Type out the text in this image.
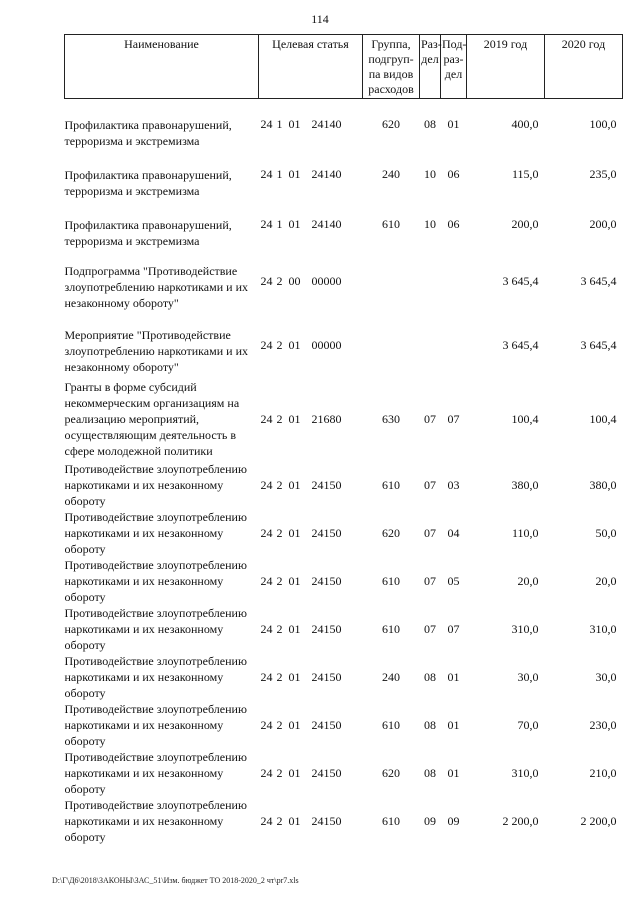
114
Наименование	Целевая статья	Группа, подгруп-па видов расходов	Раз-дел	Под-раз-дел	2019 год	2020 год
Профилактика правонарушений, терроризма и экстремизма	24 1 01 24140	620	08	01	400,0	100,0
Профилактика правонарушений, терроризма и экстремизма	24 1 01 24140	240	10	06	115,0	235,0
Профилактика правонарушений, терроризма и экстремизма	24 1 01 24140	610	10	06	200,0	200,0
Подпрограмма "Противодействие злоупотреблению наркотиками и их незаконному обороту"	24 2 00 00000				3 645,4	3 645,4
Мероприятие "Противодействие злоупотреблению наркотиками и их незаконному обороту"	24 2 01 00000				3 645,4	3 645,4
Гранты в форме субсидий некоммерческим организациям на реализацию мероприятий, осуществляющим деятельность в сфере молодежной политики	24 2 01 21680	630	07	07	100,4	100,4
Противодействие злоупотреблению наркотиками и их незаконному обороту	24 2 01 24150	610	07	03	380,0	380,0
Противодействие злоупотреблению наркотиками и их незаконному обороту	24 2 01 24150	620	07	04	110,0	50,0
Противодействие злоупотреблению наркотиками и их незаконному обороту	24 2 01 24150	610	07	05	20,0	20,0
Противодействие злоупотреблению наркотиками и их незаконному обороту	24 2 01 24150	610	07	07	310,0	310,0
Противодействие злоупотреблению наркотиками и их незаконному обороту	24 2 01 24150	240	08	01	30,0	30,0
Противодействие злоупотреблению наркотиками и их незаконному обороту	24 2 01 24150	610	08	01	70,0	230,0
Противодействие злоупотреблению наркотиками и их незаконному обороту	24 2 01 24150	620	08	01	310,0	210,0
Противодействие злоупотреблению наркотиками и их незаконному обороту	24 2 01 24150	610	09	09	2 200,0	2 200,0
D:\Г\Д6\2018\ЗАКОНЫ\ЗАС_51\Изм. бюджет ТО 2018-2020_2 чт\pr7.xls
